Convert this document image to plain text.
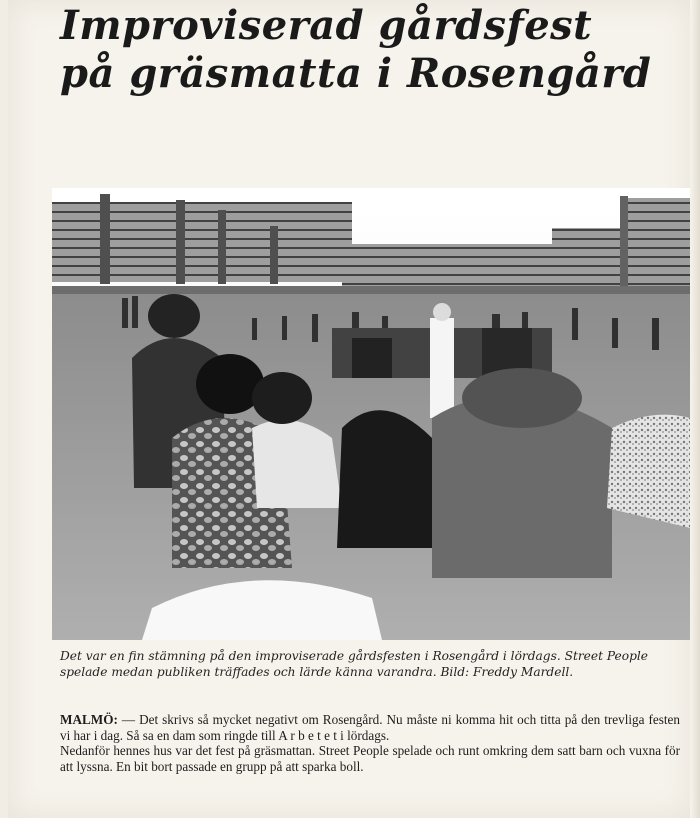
Improviserad gårdsfest
på gräsmatta i Rosengård

Det var en fin stämning på den improviserade gårdsfesten i Rosengård i lördags. Street People spelade medan publiken träffades och lärde känna varandra. Bild: Freddy Mardell.

MALMÖ: — Det skrivs så mycket negativt om Rosengård. Nu måste ni komma hit och titta på den trevliga festen vi har i dag. Så sa en dam som ringde till A r b e t e t i lördags.

Nedanför hennes hus var det fest på gräsmattan. Street People spelade och runt omkring dem satt barn och vuxna för att lyssna. En bit bort passade en grupp på att sparka boll.
